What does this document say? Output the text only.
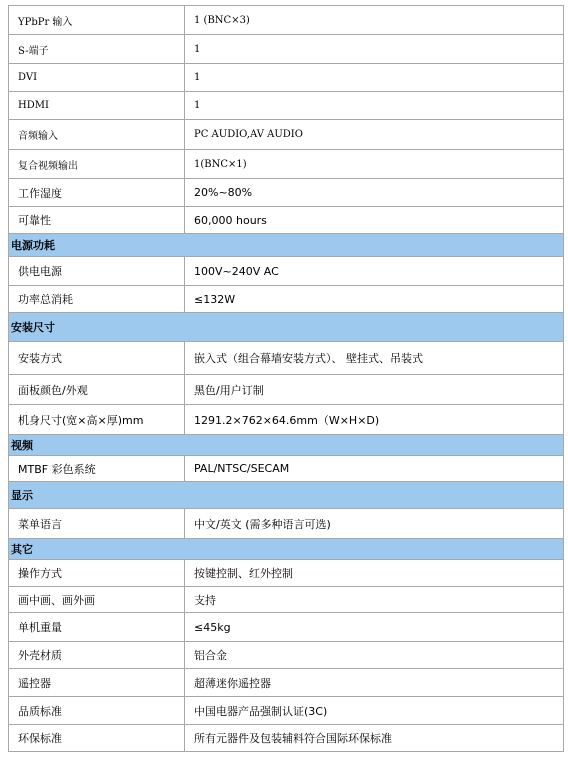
YPbPr 输入	1 (BNC×3)
S-端子	1
DVI	1
HDMI	1
音频输入	PC AUDIO,AV AUDIO
复合视频输出	1(BNC×1)
工作湿度	20%~80%
可靠性	60,000 hours
电源功耗	
供电电源	100V~240V AC
功率总消耗	≤132W
安装尺寸	
安装方式	嵌入式（组合幕墙安装方式）、 壁挂式、吊装式
面板颜色/外观	黑色/用户订制
机身尺寸(宽×高×厚)mm	1291.2×762×64.6mm（W×H×D)
视频	
MTBF 彩色系统	PAL/NTSC/SECAM
显示	
菜单语言	中文/英文 (需多种语言可选)
其它	
操作方式	按键控制、红外控制
画中画、画外画	支持
单机重量	≤45kg
外壳材质	铝合金
遥控器	超薄迷你遥控器
品质标准	中国电器产品强制认证(3C)
环保标准	所有元器件及包装辅料符合国际环保标准
